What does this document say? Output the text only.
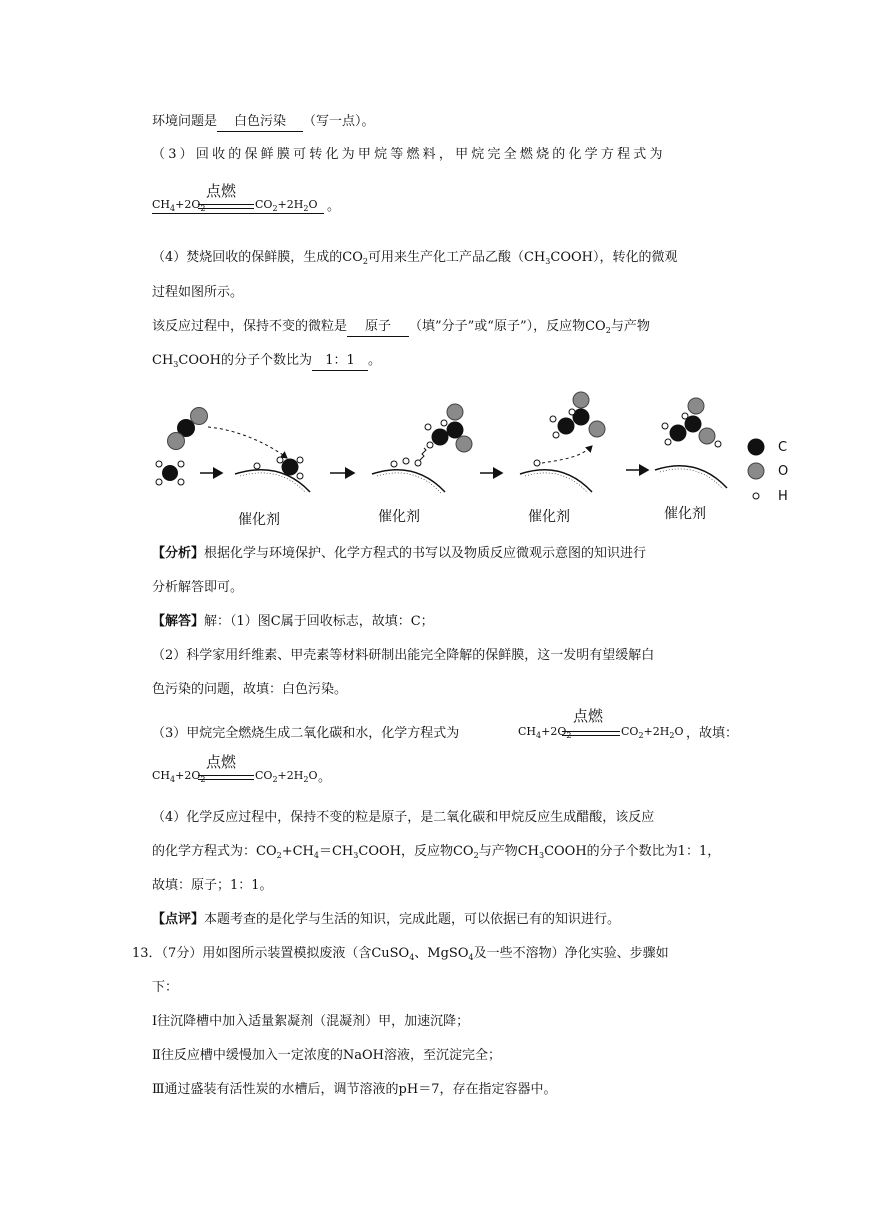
环境问题是 白色污染 （写一点）。
（3）回收的保鲜膜可转化为甲烷等燃料，甲烷完全燃烧的化学方程式为
点燃
$CH_4+2O_2$	$CO_2+2H_2O$ 。
（4）焚烧回收的保鲜膜，生成的$CO_2$可用来生产化工产品乙酸$(CH_3COOH)$，转化的微观
过程如图所示。
该反应过程中，保持不变的微粒是 原子 （填”分子”或“原子”），反应物$CO_2$与产物
$CH_3COOH$的分子个数比为 1：1 。
催化剂	催化剂	催化剂	催化剂
C
O
H
【分析】根据化学与环境保护、化学方程式的书写以及物质反应微观示意图的知识进行
分析解答即可。
【解答】解：（1）图C属于回收标志，故填：C；
（2）科学家用纤维素、甲壳素等材料研制出能完全降解的保鲜膜，这一发明有望缓解白
色污染的问题，故填：白色污染。
（3）甲烷完全燃烧生成二氧化碳和水，化学方程式为
点燃
$CH_4+2O_2$	$CO_2+2H_2O$ ，故填：
点燃
$CH_4+2O_2$	$CO_2+2H_2O$ 。
（4）化学反应过程中，保持不变的粒是原子，是二氧化碳和甲烷反应生成醋酸，该反应
的化学方程式为：$CO_2+CH_4=CH_3COOH$，反应物$CO_2$与产物$CH_3COOH$的分子个数比为1：1，
故填：原子；1：1。
【点评】本题考查的是化学与生活的知识，完成此题，可以依据已有的知识进行。
13．（7分）用如图所示装置模拟废液（含CuSO$_4$、MgSO$_4$及一些不溶物）净化实验、步骤如
下：
Ⅰ往沉降槽中加入适量絮凝剂（混凝剂）甲，加速沉降；
Ⅱ往反应槽中缓慢加入一定浓度的NaOH溶液，至沉淀完全；
Ⅲ通过盛装有活性炭的水槽后，调节溶液的pH＝7，存在指定容器中。
